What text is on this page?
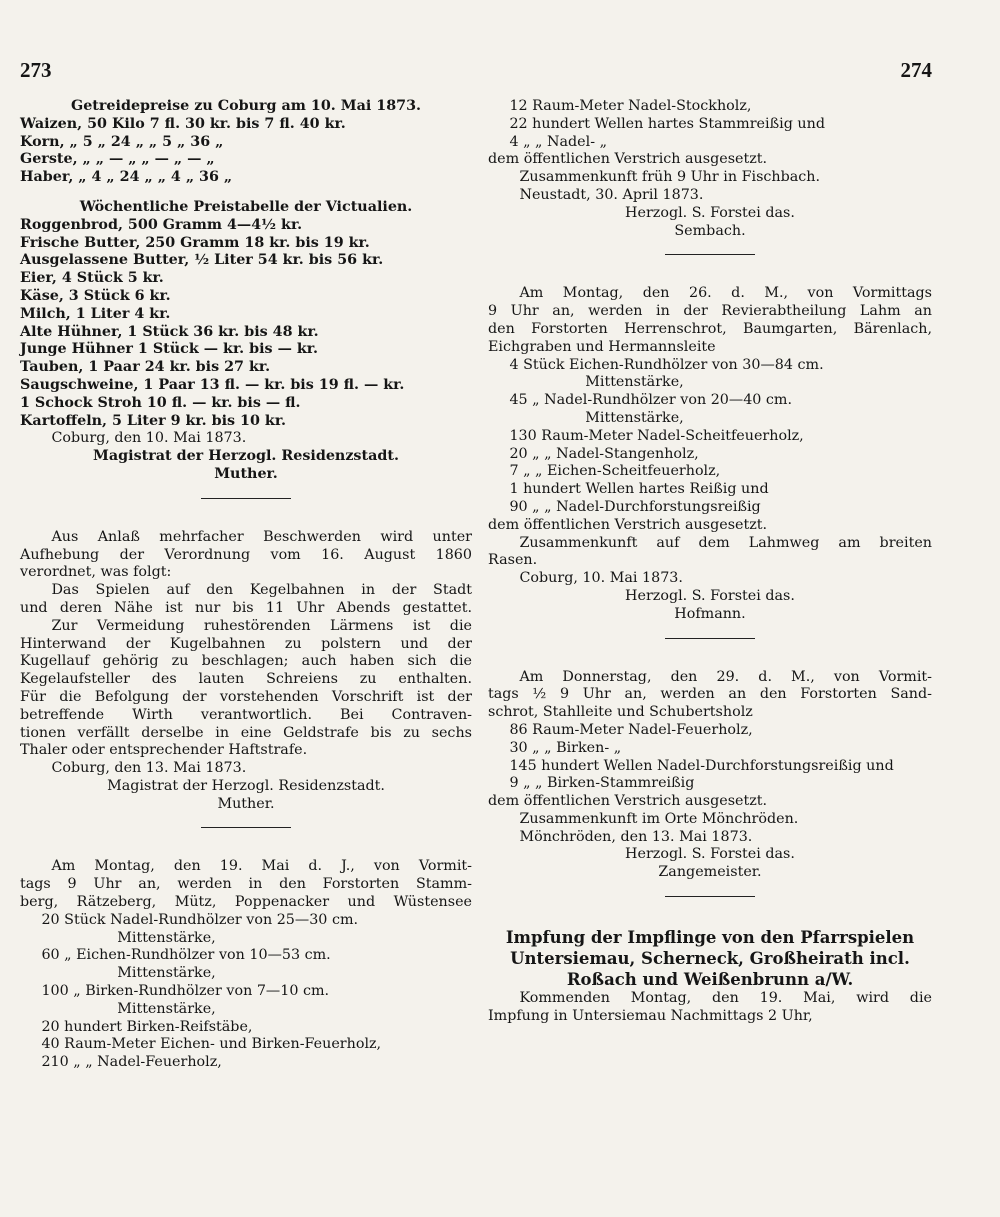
273	274

Getreidepreise zu Coburg am 10. Mai 1873.

Waizen, 50 Kilo 7 fl. 30 kr. bis 7 fl. 40 kr.

Korn, „ 5 „ 24 „ „ 5 „ 36 „

Gerste, „ „ — „ „ — „ — „

Haber, „ 4 „ 24 „ „ 4 „ 36 „

Wöchentliche Preistabelle der Victualien.

Roggenbrod, 500 Gramm 4—4½ kr.

Frische Butter, 250 Gramm 18 kr. bis 19 kr.

Ausgelassene Butter, ½ Liter 54 kr. bis 56 kr.

Eier, 4 Stück 5 kr.

Käse, 3 Stück 6 kr.

Milch, 1 Liter 4 kr.

Alte Hühner, 1 Stück 36 kr. bis 48 kr.

Junge Hühner 1 Stück — kr. bis — kr.

Tauben, 1 Paar 24 kr. bis 27 kr.

Saugschweine, 1 Paar 13 fl. — kr. bis 19 fl. — kr.

1 Schock Stroh 10 fl. — kr. bis — fl.

Kartoffeln, 5 Liter 9 kr. bis 10 kr.

Coburg, den 10. Mai 1873.

Magistrat der Herzogl. Residenzstadt.

Muther.

Aus Anlaß mehrfacher Beschwerden wird unter

Aufhebung der Verordnung vom 16. August 1860

verordnet, was folgt:

Das Spielen auf den Kegelbahnen in der Stadt

und deren Nähe ist nur bis 11 Uhr Abends gestattet.

Zur Vermeidung ruhestörenden Lärmens ist die

Hinterwand der Kugelbahnen zu polstern und der

Kugellauf gehörig zu beschlagen; auch haben sich die

Kegelaufsteller des lauten Schreiens zu enthalten.

Für die Befolgung der vorstehenden Vorschrift ist der

betreffende Wirth verantwortlich. Bei Contraven-

tionen verfällt derselbe in eine Geldstrafe bis zu sechs

Thaler oder entsprechender Haftstrafe.

Coburg, den 13. Mai 1873.

Magistrat der Herzogl. Residenzstadt.

Muther.

Am Montag, den 19. Mai d. J., von Vormit-

tags 9 Uhr an, werden in den Forstorten Stamm-

berg, Rätzeberg, Mütz, Poppenacker und Wüstensee

20 Stück Nadel-Rundhölzer von 25—30 cm.

Mittenstärke,

60 „ Eichen-Rundhölzer von 10—53 cm.

Mittenstärke,

100 „ Birken-Rundhölzer von 7—10 cm.

Mittenstärke,

20 hundert Birken-Reifstäbe,

40 Raum-Meter Eichen- und Birken-Feuerholz,

210 „ „ Nadel-Feuerholz,

12 Raum-Meter Nadel-Stockholz,

22 hundert Wellen hartes Stammreißig und

4 „ „ Nadel- „

dem öffentlichen Verstrich ausgesetzt.

Zusammenkunft früh 9 Uhr in Fischbach.

Neustadt, 30. April 1873.

Herzogl. S. Forstei das.

Sembach.

Am Montag, den 26. d. M., von Vormittags

9 Uhr an, werden in der Revierabtheilung Lahm an

den Forstorten Herrenschrot, Baumgarten, Bärenlach,

Eichgraben und Hermannsleite

4 Stück Eichen-Rundhölzer von 30—84 cm.

Mittenstärke,

45 „ Nadel-Rundhölzer von 20—40 cm.

Mittenstärke,

130 Raum-Meter Nadel-Scheitfeuerholz,

20 „ „ Nadel-Stangenholz,

7 „ „ Eichen-Scheitfeuerholz,

1 hundert Wellen hartes Reißig und

90 „ „ Nadel-Durchforstungsreißig

dem öffentlichen Verstrich ausgesetzt.

Zusammenkunft auf dem Lahmweg am breiten

Rasen.

Coburg, 10. Mai 1873.

Herzogl. S. Forstei das.

Hofmann.

Am Donnerstag, den 29. d. M., von Vormit-

tags ½ 9 Uhr an, werden an den Forstorten Sand-

schrot, Stahlleite und Schubertsholz

86 Raum-Meter Nadel-Feuerholz,

30 „ „ Birken- „

145 hundert Wellen Nadel-Durchforstungsreißig und

9 „ „ Birken-Stammreißig

dem öffentlichen Verstrich ausgesetzt.

Zusammenkunft im Orte Mönchröden.

Mönchröden, den 13. Mai 1873.

Herzogl. S. Forstei das.

Zangemeister.

Impfung der Impflinge von den Pfarrspielen

Untersiemau, Scherneck, Großheirath incl.

Roßach und Weißenbrunn a/W.

Kommenden Montag, den 19. Mai, wird die

Impfung in Untersiemau Nachmittags 2 Uhr,
